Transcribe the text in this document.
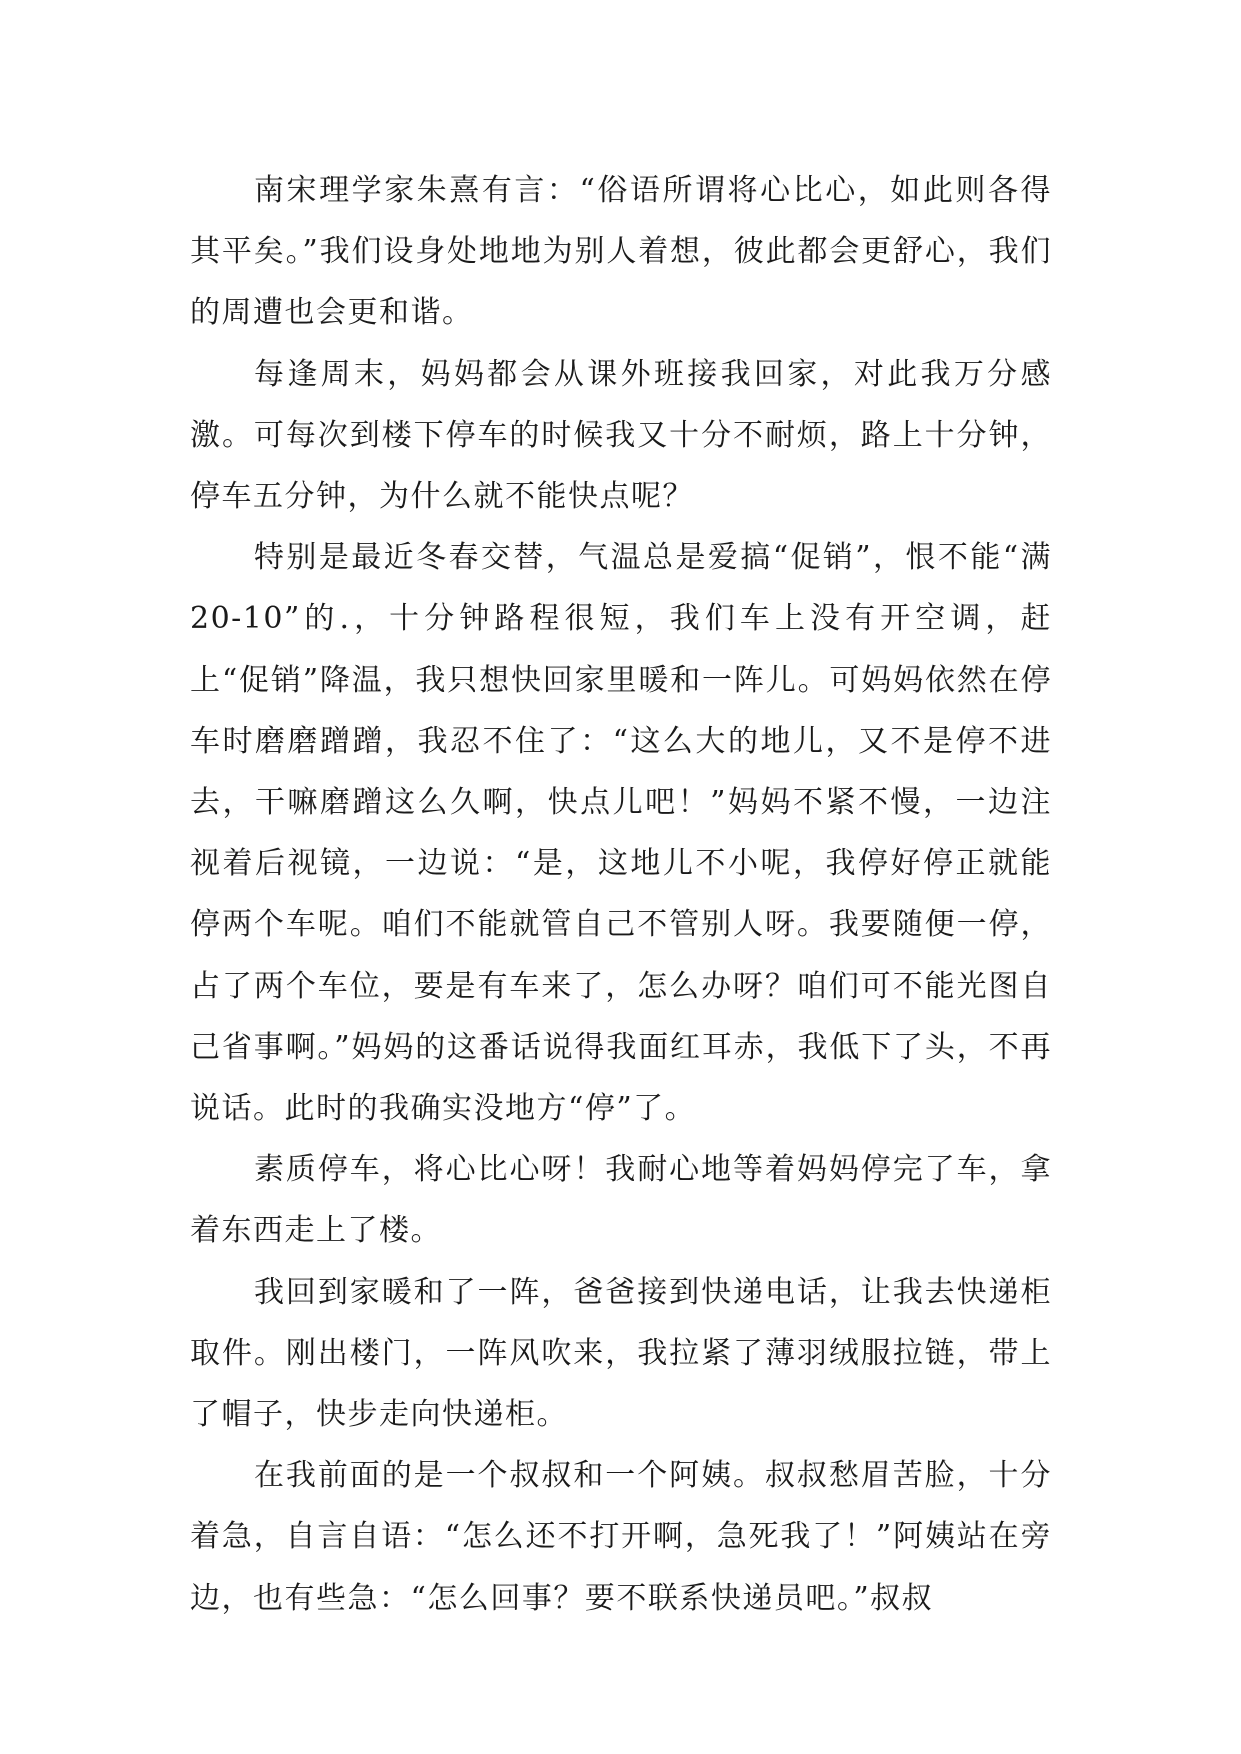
南宋理学家朱熹有言：“俗语所谓将心比心，如此则各得其平矣。”我们设身处地地为别人着想，彼此都会更舒心，我们的周遭也会更和谐。

每逢周末，妈妈都会从课外班接我回家，对此我万分感激。可每次到楼下停车的时候我又十分不耐烦，路上十分钟，停车五分钟，为什么就不能快点呢？

特别是最近冬春交替，气温总是爱搞“促销”，恨不能“满20-10”的.，十分钟路程很短，我们车上没有开空调，赶上“促销”降温，我只想快回家里暖和一阵儿。可妈妈依然在停车时磨磨蹭蹭，我忍不住了：“这么大的地儿，又不是停不进去，干嘛磨蹭这么久啊，快点儿吧！”妈妈不紧不慢，一边注视着后视镜，一边说：“是，这地儿不小呢，我停好停正就能停两个车呢。咱们不能就管自己不管别人呀。我要随便一停，占了两个车位，要是有车来了，怎么办呀？咱们可不能光图自己省事啊。”妈妈的这番话说得我面红耳赤，我低下了头，不再说话。此时的我确实没地方“停”了。

素质停车，将心比心呀！我耐心地等着妈妈停完了车，拿着东西走上了楼。

我回到家暖和了一阵，爸爸接到快递电话，让我去快递柜取件。刚出楼门，一阵风吹来，我拉紧了薄羽绒服拉链，带上了帽子，快步走向快递柜。

在我前面的是一个叔叔和一个阿姨。叔叔愁眉苦脸，十分着急，自言自语：“怎么还不打开啊，急死我了！”阿姨站在旁边，也有些急：“怎么回事？要不联系快递员吧。”叔叔
